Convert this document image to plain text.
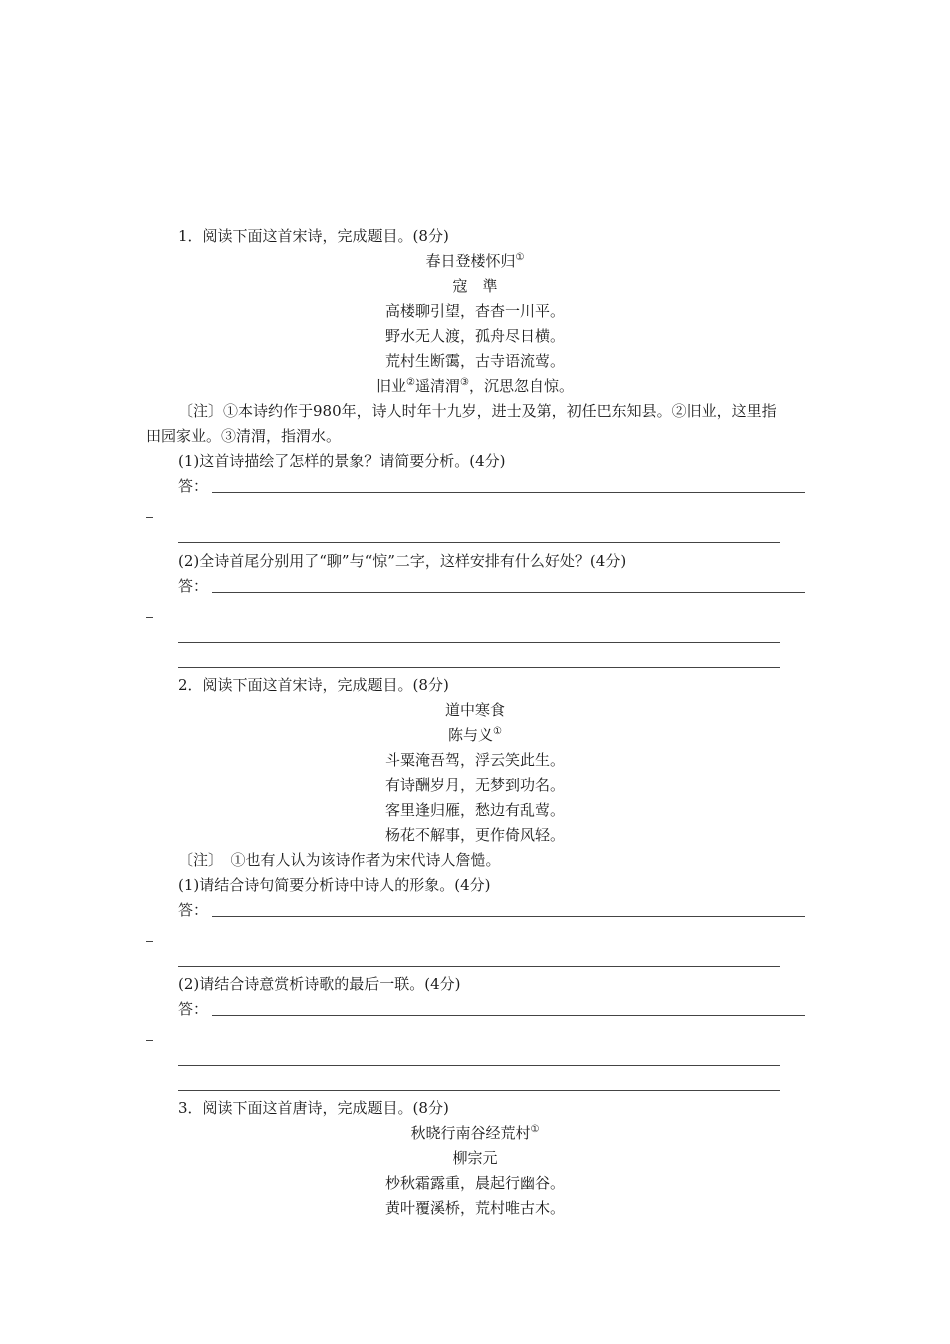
1．阅读下面这首宋诗，完成题目。(8分)
春日登楼怀归①
寇　準
高楼聊引望，杳杳一川平。
野水无人渡，孤舟尽日横。
荒村生断霭，古寺语流莺。
旧业②遥清渭③，沉思忽自惊。
〔注〕①本诗约作于980年，诗人时年十九岁，进士及第，初任巴东知县。②旧业，这里指
田园家业。③清渭，指渭水。
(1)这首诗描绘了怎样的景象？请简要分析。(4分)
答：
(2)全诗首尾分别用了“聊”与“惊”二字，这样安排有什么好处？(4分)
答：
2．阅读下面这首宋诗，完成题目。(8分)
道中寒食
陈与义①
斗粟淹吾驾，浮云笑此生。
有诗酬岁月，无梦到功名。
客里逢归雁，愁边有乱莺。
杨花不解事，更作倚风轻。
〔注〕　①也有人认为该诗作者为宋代诗人詹慥。
(1)请结合诗句简要分析诗中诗人的形象。(4分)
答：
(2)请结合诗意赏析诗歌的最后一联。(4分)
答：
3．阅读下面这首唐诗，完成题目。(8分)
秋晓行南谷经荒村①
柳宗元
杪秋霜露重，晨起行幽谷。
黄叶覆溪桥，荒村唯古木。
